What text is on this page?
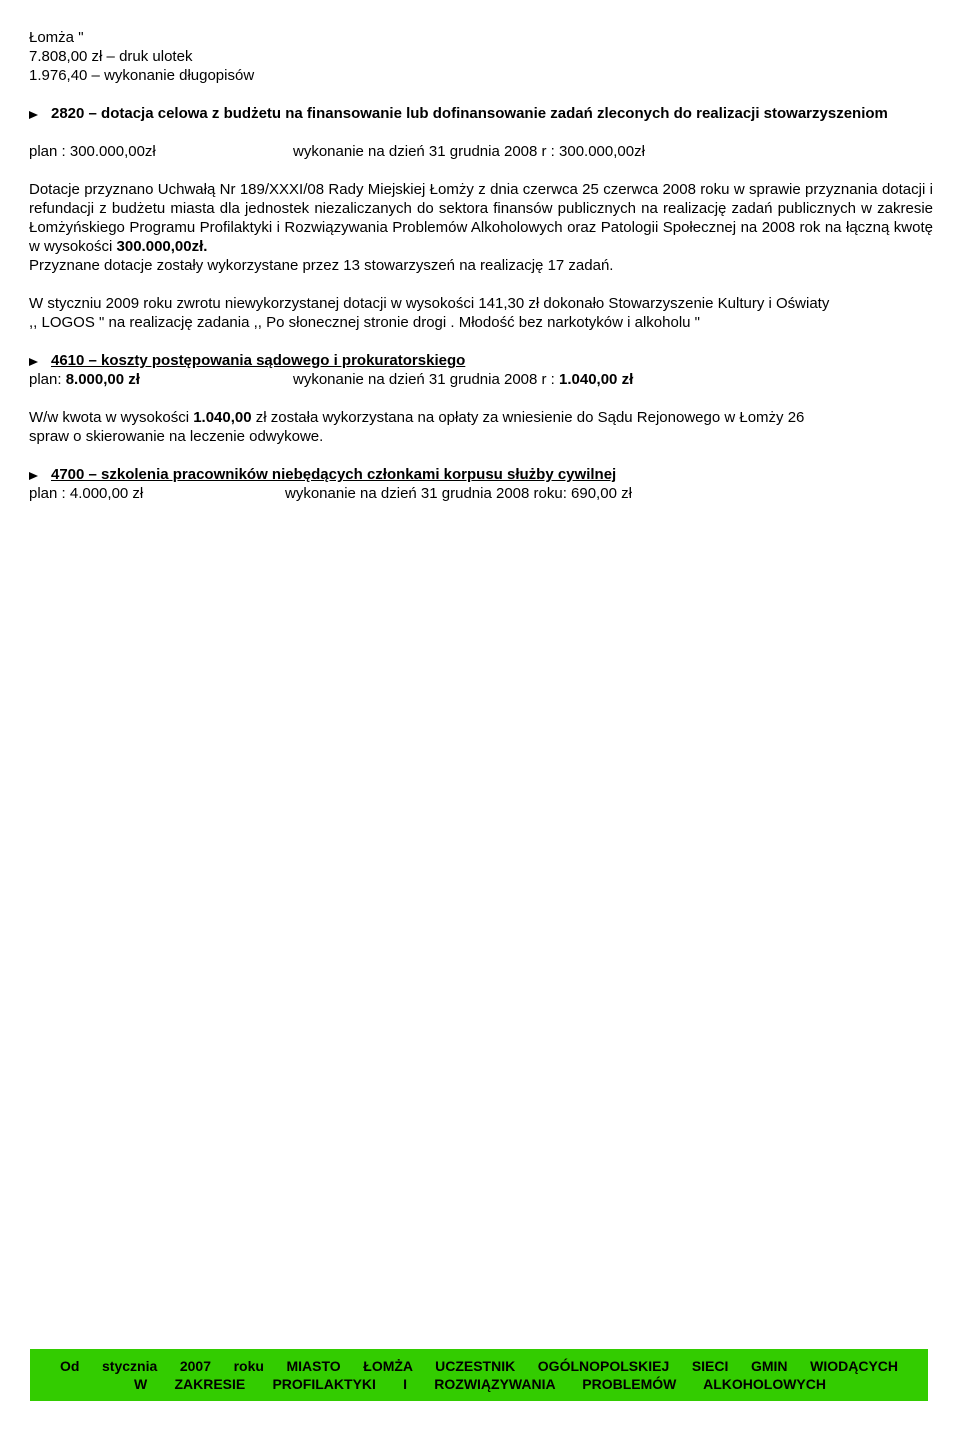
Łomża "
7.808,00 zł – druk ulotek
1.976,40 – wykonanie długopisów
2820 – dotacja celowa z budżetu na finansowanie lub dofinansowanie zadań zleconych do realizacji stowarzyszeniom
plan : 300.000,00zł	wykonanie na dzień 31 grudnia 2008 r : 300.000,00zł

Dotacje przyznano Uchwałą Nr 189/XXXI/08 Rady Miejskiej Łomży z dnia czerwca 25 czerwca 2008 roku w sprawie przyznania dotacji i refundacji z budżetu miasta dla jednostek niezaliczanych do sektora finansów publicznych na realizację zadań publicznych w zakresie Łomżyńskiego Programu Profilaktyki i Rozwiązywania Problemów Alkoholowych oraz Patologii Społecznej na 2008 rok na łączną kwotę w wysokości 300.000,00zł.

Przyznane dotacje zostały wykorzystane przez 13 stowarzyszeń na realizację 17 zadań.
W styczniu 2009 roku zwrotu niewykorzystanej dotacji w wysokości 141,30 zł dokonało Stowarzyszenie Kultury i Oświaty
,, LOGOS " na realizację zadania ,, Po słonecznej stronie drogi . Młodość bez narkotyków i alkoholu "
4610 – koszty postępowania sądowego i prokuratorskiego
plan: 8.000,00 zł	wykonanie na dzień 31 grudnia 2008 r : 1.040,00 zł
W/w kwota w wysokości 1.040,00 zł została wykorzystana na opłaty za wniesienie do Sądu Rejonowego w Łomży 26
spraw o skierowanie na leczenie odwykowe.
4700 – szkolenia pracowników niebędących członkami korpusu służby cywilnej
plan : 4.000,00 zł	wykonanie na dzień 31 grudnia 2008 roku: 690,00 zł
Od stycznia 2007 roku MIASTO ŁOMŻA UCZESTNIK OGÓLNOPOLSKIEJ SIECI GMIN WIODĄCYCH
W ZAKRESIE PROFILAKTYKI I ROZWIĄZYWANIA PROBLEMÓW ALKOHOLOWYCH
